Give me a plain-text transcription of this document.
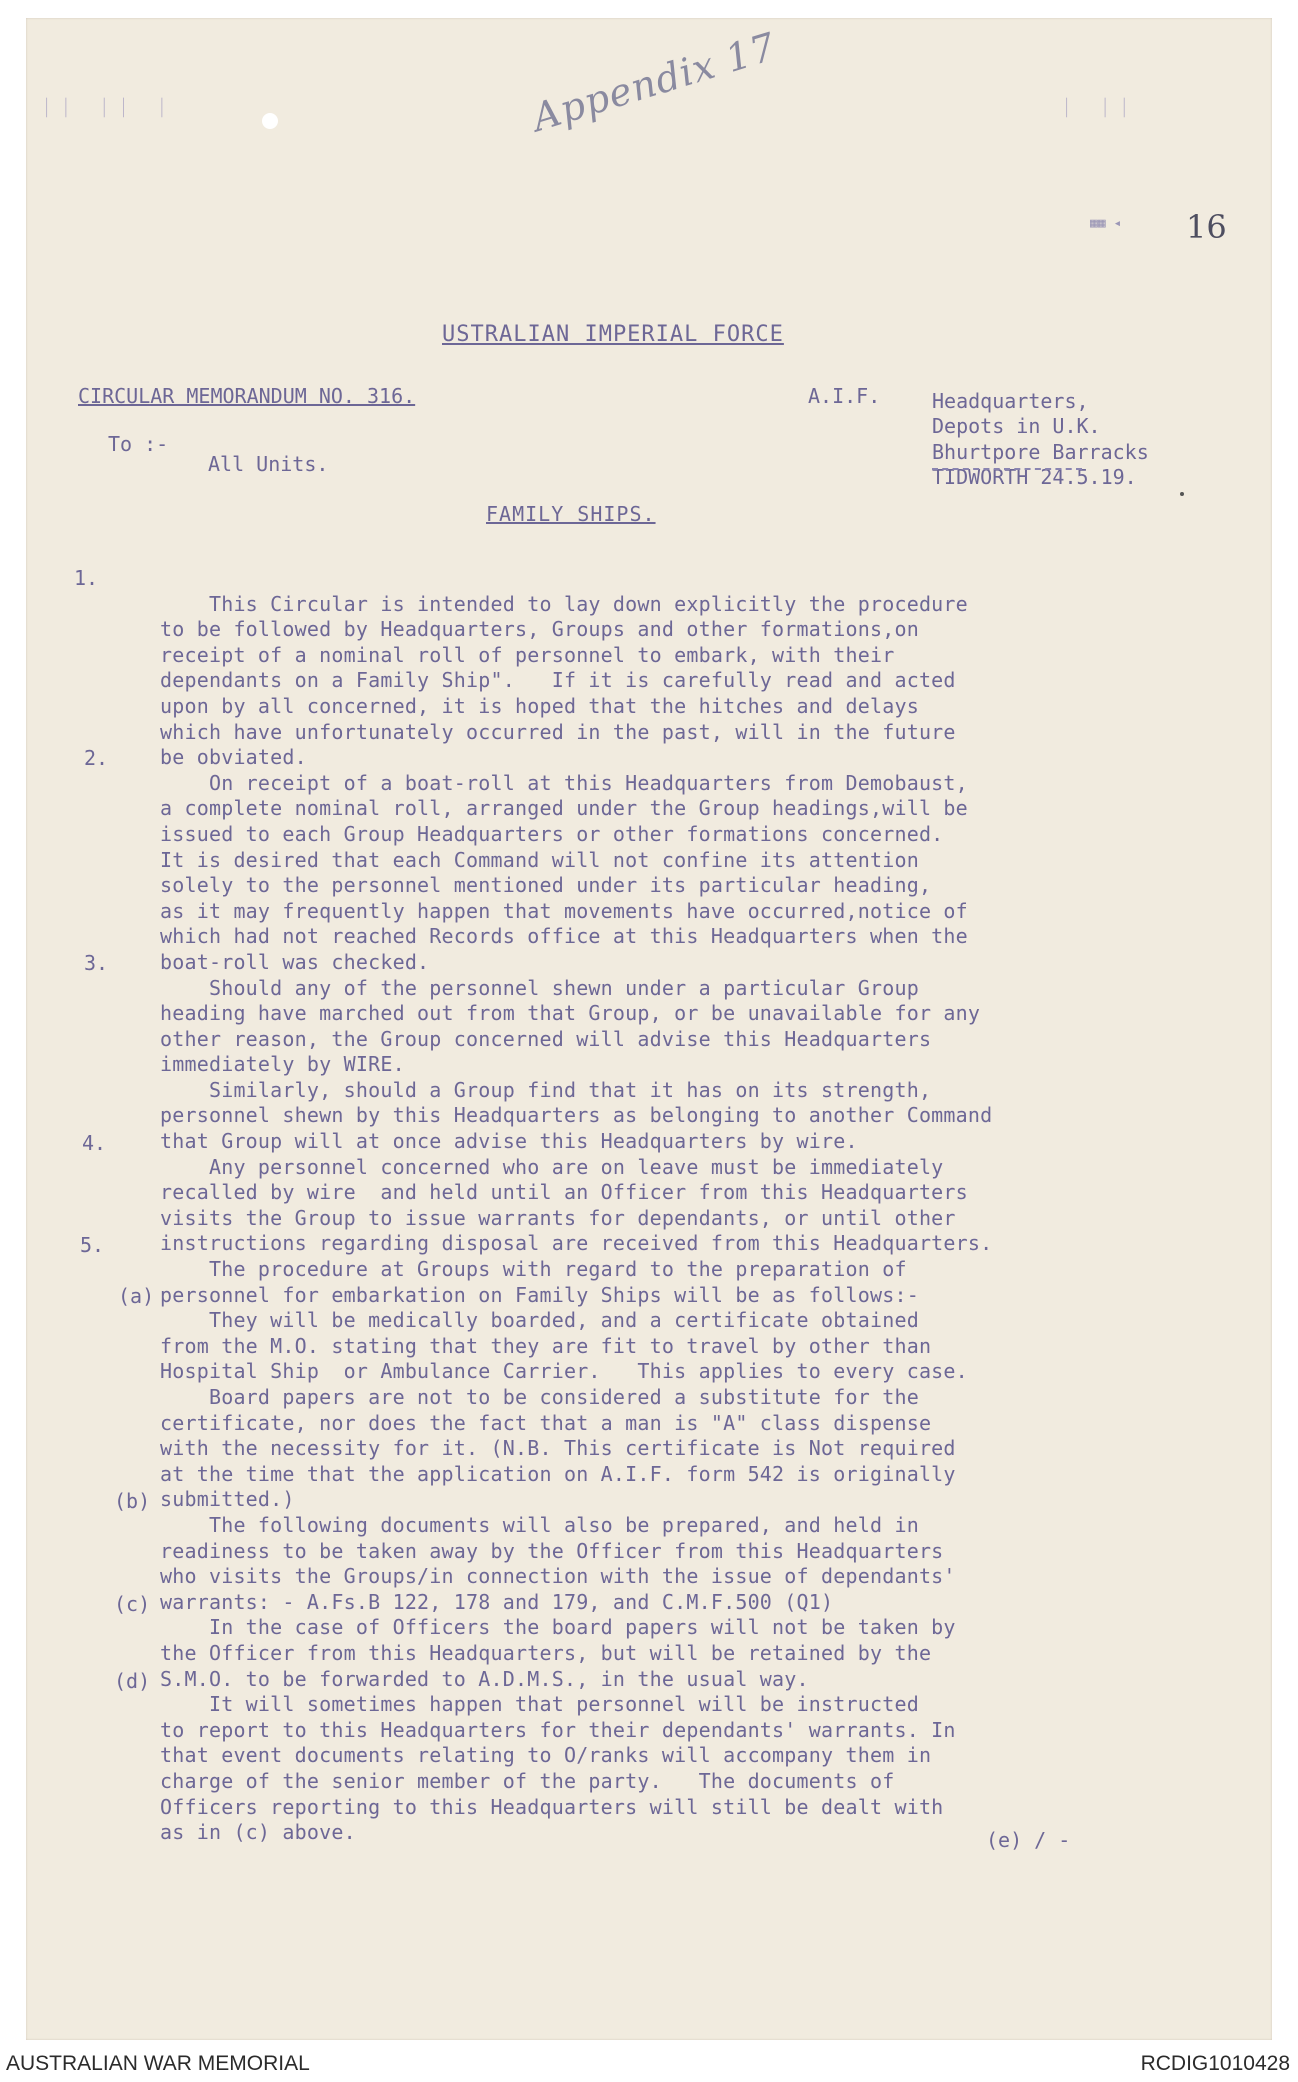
ᛁᛁ ᛁᛁ ᛁ	ᛁ ᛁᛁ
Appendix 17
▦▦ ◂ 16
USTRALIAN IMPERIAL FORCE
CIRCULAR MEMORANDUM NO. 316.	A.I.F.	Headquarters,
Depots in U.K.
Bhurtpore Barracks
TIDWORTH 24.5.19.
To :-
All Units.
FAMILY SHIPS.
1.
2.
3.
4.
5.
(a)
(b)
(c)
(d)

This Circular is intended to lay down explicitly the procedure
to be followed by Headquarters, Groups and other formations,on
receipt of a nominal roll of personnel to embark, with their
dependants on a Family Ship".   If it is carefully read and acted
upon by all concerned, it is hoped that the hitches and delays
which have unfortunately occurred in the past, will in the future
be obviated.
On receipt of a boat-roll at this Headquarters from Demobaust,
a complete nominal roll, arranged under the Group headings,will be
issued to each Group Headquarters or other formations concerned.
It is desired that each Command will not confine its attention
solely to the personnel mentioned under its particular heading,
as it may frequently happen that movements have occurred,notice of
which had not reached Records office at this Headquarters when the
boat-roll was checked.
Should any of the personnel shewn under a particular Group
heading have marched out from that Group, or be unavailable for any
other reason, the Group concerned will advise this Headquarters
immediately by WIRE.
Similarly, should a Group find that it has on its strength,
personnel shewn by this Headquarters as belonging to another Command
that Group will at once advise this Headquarters by wire.
Any personnel concerned who are on leave must be immediately
recalled by wire  and held until an Officer from this Headquarters
visits the Group to issue warrants for dependants, or until other
instructions regarding disposal are received from this Headquarters.
The procedure at Groups with regard to the preparation of
personnel for embarkation on Family Ships will be as follows:-
They will be medically boarded, and a certificate obtained
from the M.O. stating that they are fit to travel by other than
Hospital Ship  or Ambulance Carrier.   This applies to every case.
Board papers are not to be considered a substitute for the
certificate, nor does the fact that a man is "A" class dispense
with the necessity for it. (N.B. This certificate is Not required
at the time that the application on A.I.F. form 542 is originally
submitted.)
The following documents will also be prepared, and held in
readiness to be taken away by the Officer from this Headquarters
who visits the Groups/in connection with the issue of dependants'
warrants: - A.Fs.B 122, 178 and 179, and C.M.F.500 (Q1)
In the case of Officers the board papers will not be taken by
the Officer from this Headquarters, but will be retained by the
S.M.O. to be forwarded to A.D.M.S., in the usual way.
It will sometimes happen that personnel will be instructed
to report to this Headquarters for their dependants' warrants. In
that event documents relating to O/ranks will accompany them in
charge of the senior member of the party.   The documents of
Officers reporting to this Headquarters will still be dealt with
as in (c) above.	(e) / -
AUSTRALIAN WAR MEMORIAL	RCDIG1010428
